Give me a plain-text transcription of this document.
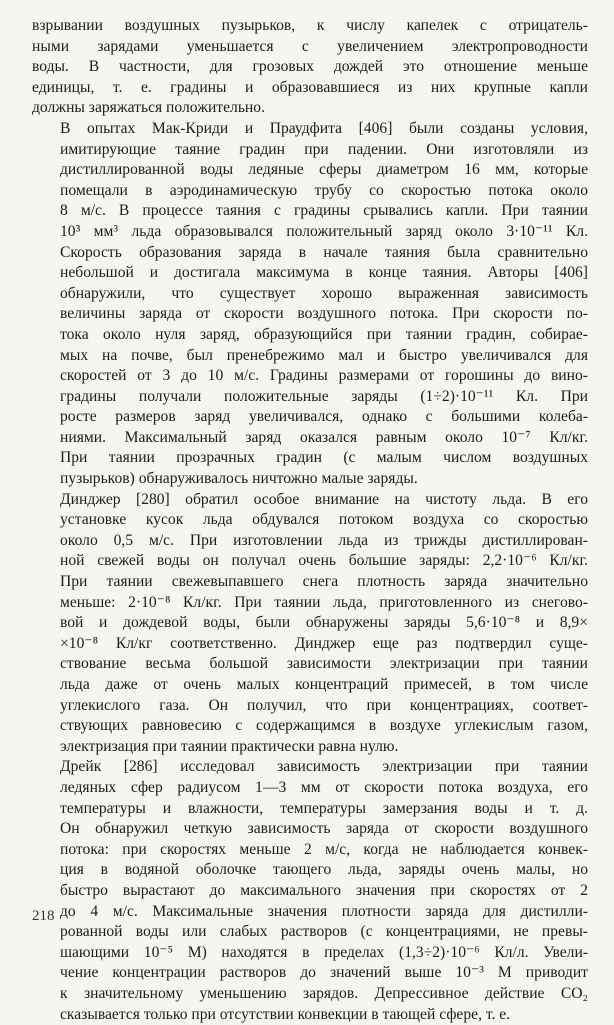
взрывании воздушных пузырьков, к числу капелек с отрицатель-
ными зарядами уменьшается с увеличением электропроводности
воды. В частности, для грозовых дождей это отношение меньше
единицы, т. е. градины и образовавшиеся из них крупные капли
должны заряжаться положительно.
В опытах Мак-Криди и Праудфита [406] были созданы условия,
имитирующие таяние градин при падении. Они изготовляли из
дистиллированной воды ледяные сферы диаметром 16 мм, которые
помещали в аэродинамическую трубу со скоростью потока около
8 м/с. В процессе таяния с градины срывались капли. При таянии
10³ мм³ льда образовывался положительный заряд около 3·10⁻¹¹ Кл.
Скорость образования заряда в начале таяния была сравнительно
небольшой и достигала максимума в конце таяния. Авторы [406]
обнаружили, что существует хорошо выраженная зависимость
величины заряда от скорости воздушного потока. При скорости по-
тока около нуля заряд, образующийся при таянии градин, собирае-
мых на почве, был пренебрежимо мал и быстро увеличивался для
скоростей от 3 до 10 м/с. Градины размерами от горошины до вино-
градины получали положительные заряды (1÷2)·10⁻¹¹ Кл. При
росте размеров заряд увеличивался, однако с большими колеба-
ниями. Максимальный заряд оказался равным около 10⁻⁷ Кл/кг.
При таянии прозрачных градин (с малым числом воздушных
пузырьков) обнаруживалось ничтожно малые заряды.
Динджер [280] обратил особое внимание на чистоту льда. В его
установке кусок льда обдувался потоком воздуха со скоростью
около 0,5 м/с. При изготовлении льда из трижды дистиллирован-
ной свежей воды он получал очень большие заряды: 2,2·10⁻⁶ Кл/кг.
При таянии свежевыпавшего снега плотность заряда значительно
меньше: 2·10⁻⁸ Кл/кг. При таянии льда, приготовленного из снегово-
вой и дождевой воды, были обнаружены заряды 5,6·10⁻⁸ и 8,9×
×10⁻⁸ Кл/кг соответственно. Динджер еще раз подтвердил суще-
ствование весьма большой зависимости электризации при таянии
льда даже от очень малых концентраций примесей, в том числе
углекислого газа. Он получил, что при концентрациях, соответ-
ствующих равновесию с содержащимся в воздухе углекислым газом,
электризация при таянии практически равна нулю.
Дрейк [286] исследовал зависимость электризации при таянии
ледяных сфер радиусом 1—3 мм от скорости потока воздуха, его
температуры и влажности, температуры замерзания воды и т. д.
Он обнаружил четкую зависимость заряда от скорости воздушного
потока: при скоростях меньше 2 м/с, когда не наблюдается конвек-
ция в водяной оболочке тающего льда, заряды очень малы, но
быстро вырастают до максимального значения при скоростях от 2
до 4 м/с. Максимальные значения плотности заряда для дистилли-
рованной воды или слабых растворов (с концентрациями, не превы-
шающими 10⁻⁵ М) находятся в пределах (1,3÷2)·10⁻⁶ Кл/л. Увели-
чение концентрации растворов до значений выше 10⁻³ М приводит
к значительному уменьшению зарядов. Депрессивное действие CO₂
сказывается только при отсутствии конвекции в тающей сфере, т. е.
218
